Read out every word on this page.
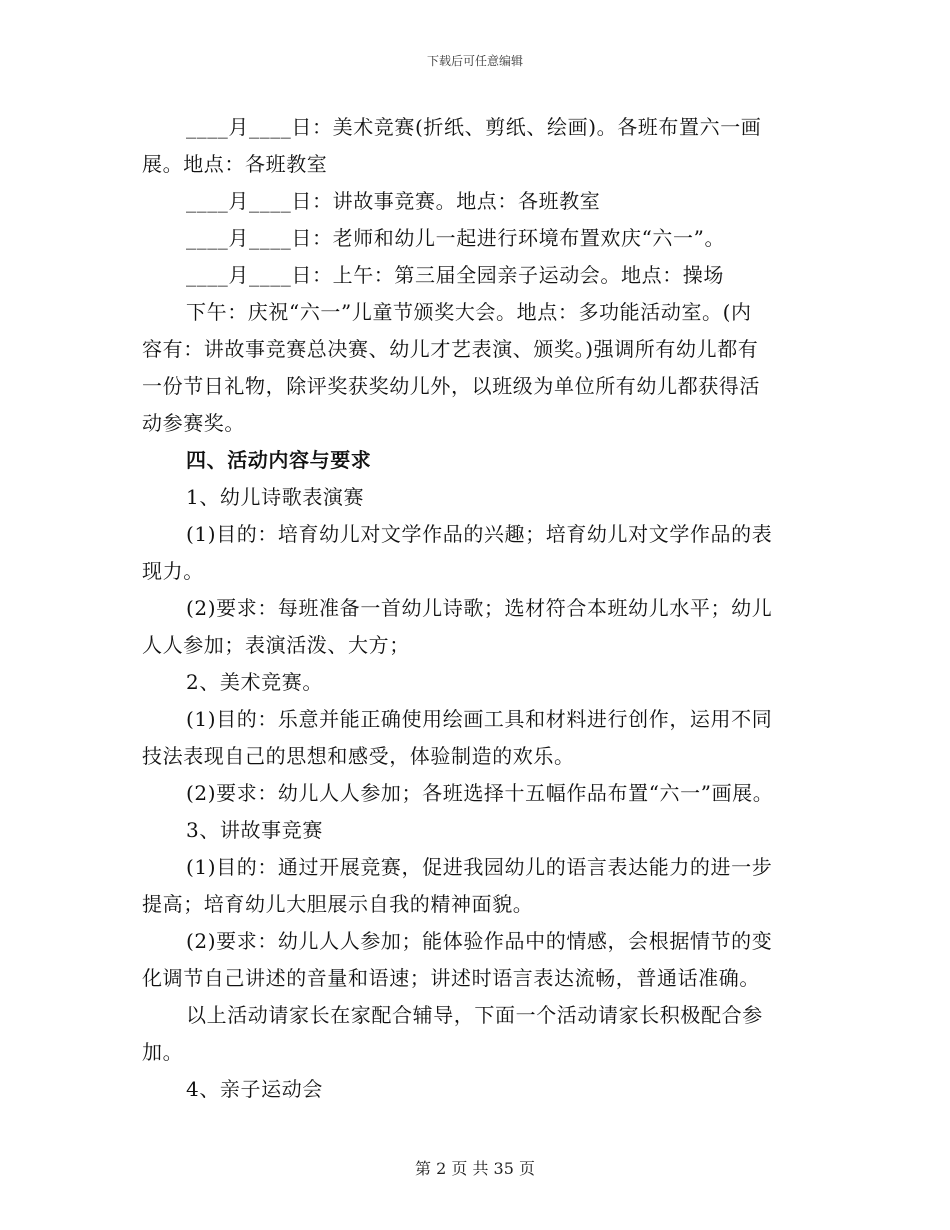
下载后可任意编辑
____月____日：美术竞赛(折纸、剪纸、绘画)。各班布置六一画
展。地点：各班教室
____月____日：讲故事竞赛。地点：各班教室
____月____日：老师和幼儿一起进行环境布置欢庆“六一”。
____月____日：上午：第三届全园亲子运动会。地点：操场
下午：庆祝“六一”儿童节颁奖大会。地点：多功能活动室。(内
容有：讲故事竞赛总决赛、幼儿才艺表演、颁奖。)强调所有幼儿都有
一份节日礼物，除评奖获奖幼儿外，以班级为单位所有幼儿都获得活
动参赛奖。
四、活动内容与要求
1、幼儿诗歌表演赛
(1)目的：培育幼儿对文学作品的兴趣；培育幼儿对文学作品的表
现力。
(2)要求：每班准备一首幼儿诗歌；选材符合本班幼儿水平；幼儿
人人参加；表演活泼、大方；
2、美术竞赛。
(1)目的：乐意并能正确使用绘画工具和材料进行创作，运用不同
技法表现自己的思想和感受，体验制造的欢乐。
(2)要求：幼儿人人参加；各班选择十五幅作品布置“六一”画展。
3、讲故事竞赛
(1)目的：通过开展竞赛，促进我园幼儿的语言表达能力的进一步
提高；培育幼儿大胆展示自我的精神面貌。
(2)要求：幼儿人人参加；能体验作品中的情感，会根据情节的变
化调节自己讲述的音量和语速；讲述时语言表达流畅，普通话准确。
以上活动请家长在家配合辅导，下面一个活动请家长积极配合参
加。
4、亲子运动会
第 2 页 共 35 页
